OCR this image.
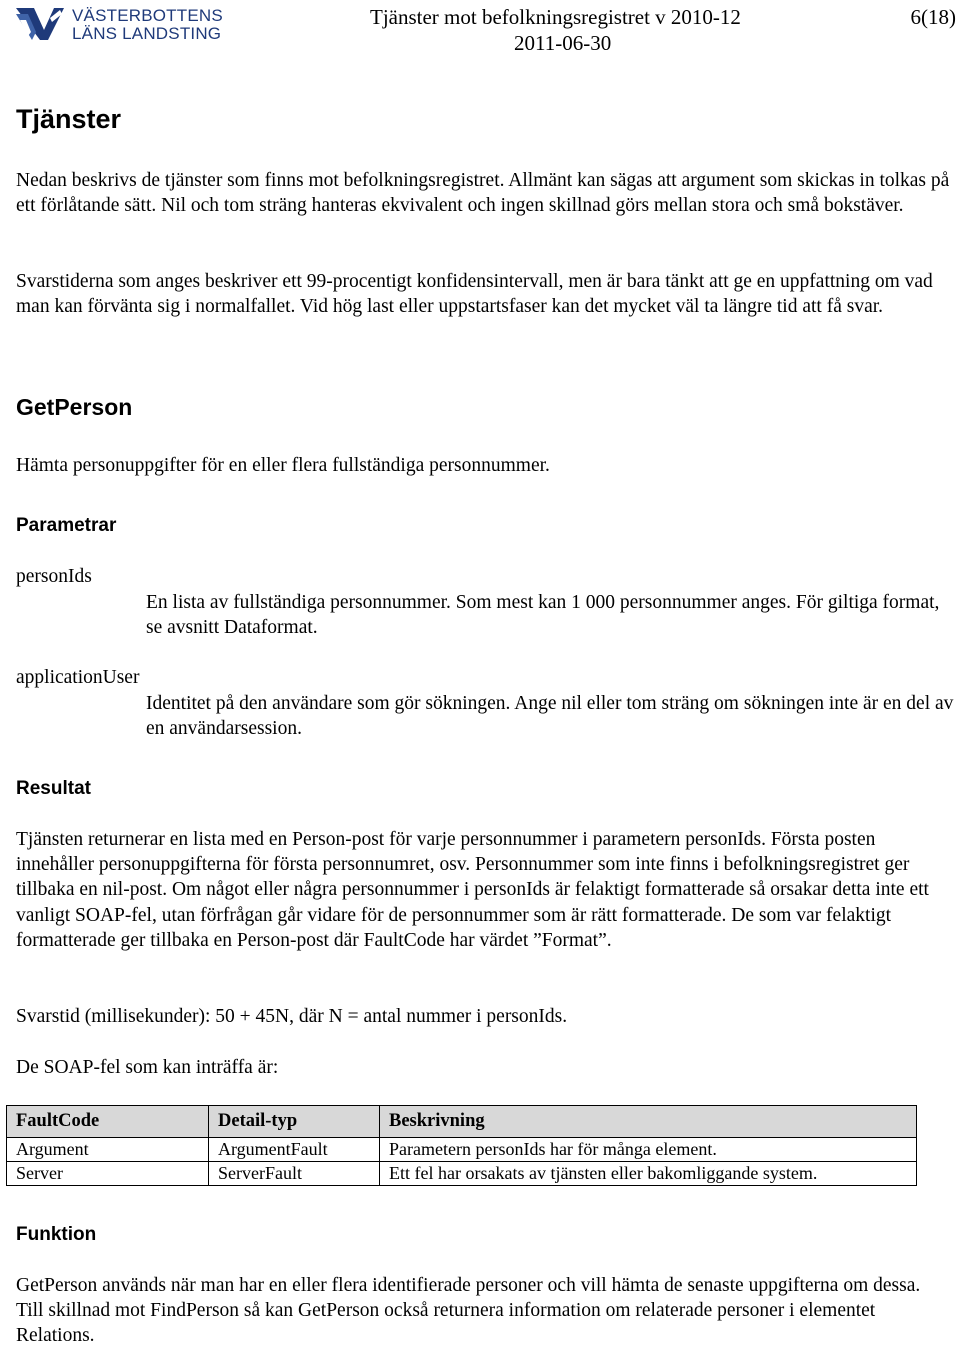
VÄSTERBOTTENS
LÄNS LANDSTING
Tjänster mot befolkningsregistret v 2010-12
2011-06-30
6(18)
Tjänster

Nedan beskrivs de tjänster som finns mot befolkningsregistret. Allmänt kan sägas att argument som skickas in tolkas på ett förlåtande sätt. Nil och tom sträng hanteras ekvivalent och ingen skillnad görs mellan stora och små bokstäver.

Svarstiderna som anges beskriver ett 99-procentigt konfidensintervall, men är bara tänkt att ge en uppfattning om vad man kan förvänta sig i normalfallet. Vid hög last eller uppstartsfaser kan det mycket väl ta längre tid att få svar.

GetPerson

Hämta personuppgifter för en eller flera fullständiga personnummer.

Parametrar
personIds

En lista av fullständiga personnummer. Som mest kan 1 000 personnummer anges. För giltiga format, se avsnitt Dataformat.

applicationUser

Identitet på den användare som gör sökningen. Ange nil eller tom sträng om sökningen inte är en del av en användarsession.

Resultat

Tjänsten returnerar en lista med en Person-post för varje personnummer i parametern personIds. Första posten innehåller personuppgifterna för första personnumret, osv. Personnummer som inte finns i befolkningsregistret ger tillbaka en nil-post. Om något eller några personnummer i personIds är felaktigt formatterade så orsakar detta inte ett vanligt SOAP-fel, utan förfrågan går vidare för de personnummer som är rätt formatterade. De som var felaktigt formatterade ger tillbaka en Person-post där FaultCode har värdet ”Format”.

Svarstid (millisekunder): 50 + 45N, där N = antal nummer i personIds.

De SOAP-fel som kan inträffa är:

FaultCode	Detail-typ	Beskrivning
Argument	ArgumentFault	Parametern personIds har för många element.
Server	ServerFault	Ett fel har orsakats av tjänsten eller bakomliggande system.
Funktion

GetPerson används när man har en eller flera identifierade personer och vill hämta de senaste uppgifterna om dessa. Till skillnad mot FindPerson så kan GetPerson också returnera information om relaterade personer i elementet Relations.
